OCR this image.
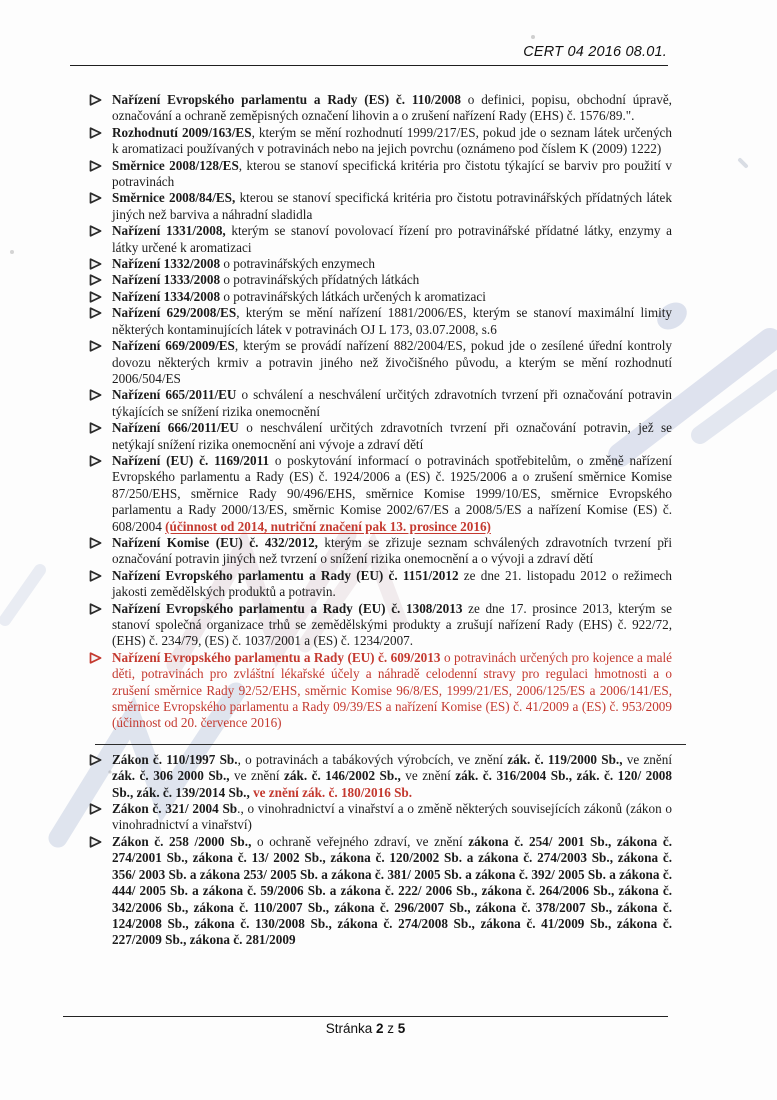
CERT 04 2016 08.01.
Nařízení Evropského parlamentu a Rady (ES) č. 110/2008 o definici, popisu, obchodní úpravě, označování a ochraně zeměpisných označení lihovin a o zrušení nařízení Rady (EHS) č. 1576/89.".
Rozhodnutí 2009/163/ES, kterým se mění rozhodnutí 1999/217/ES, pokud jde o seznam látek určených k aromatizaci používaných v potravinách nebo na jejich povrchu (oznámeno pod číslem K (2009) 1222)
Směrnice 2008/128/ES, kterou se stanoví specifická kritéria pro čistotu týkající se barviv pro použití v potravinách
Směrnice 2008/84/ES, kterou se stanoví specifická kritéria pro čistotu potravinářských přídatných látek jiných než barviva a náhradní sladidla
Nařízení 1331/2008, kterým se stanoví povolovací řízení pro potravinářské přídatné látky, enzymy a látky určené k aromatizaci
Nařízení 1332/2008 o potravinářských enzymech
Nařízení 1333/2008 o potravinářských přídatných látkách
Nařízení 1334/2008 o potravinářských látkách určených k aromatizaci
Nařízení 629/2008/ES, kterým se mění nařízení 1881/2006/ES, kterým se stanoví maximální limity některých kontaminujících látek v potravinách OJ L 173, 03.07.2008, s.6
Nařízení 669/2009/ES, kterým se provádí nařízení 882/2004/ES, pokud jde o zesílené úřední kontroly dovozu některých krmiv a potravin jiného než živočišného původu, a kterým se mění rozhodnutí 2006/504/ES
Nařízení 665/2011/EU o schválení a neschválení určitých zdravotních tvrzení při označování potravin týkajících se snížení rizika onemocnění
Nařízení 666/2011/EU o neschválení určitých zdravotních tvrzení při označování potravin, jež se netýkají snížení rizika onemocnění ani vývoje a zdraví dětí
Nařízení (EU) č. 1169/2011 o poskytování informací o potravinách spotřebitelům, o změně nařízení Evropského parlamentu a Rady (ES) č. 1924/2006 a (ES) č. 1925/2006 a o zrušení směrnice Komise 87/250/EHS, směrnice Rady 90/496/EHS, směrnice Komise 1999/10/ES, směrnice Evropského parlamentu a Rady 2000/13/ES, směrnic Komise 2002/67/ES a 2008/5/ES a nařízení Komise (ES) č. 608/2004 (účinnost od 2014, nutriční značení pak 13. prosince 2016)
Nařízení Komise (EU) č. 432/2012, kterým se zřizuje seznam schválených zdravotních tvrzení při označování potravin jiných než tvrzení o snížení rizika onemocnění a o vývoji a zdraví dětí
Nařízení Evropského parlamentu a Rady (EU) č. 1151/2012 ze dne 21. listopadu 2012 o režimech jakosti zemědělských produktů a potravin.
Nařízení Evropského parlamentu a Rady (EU) č. 1308/2013 ze dne 17. prosince 2013, kterým se stanoví společná organizace trhů se zemědělskými produkty a zrušují nařízení Rady (EHS) č. 922/72, (EHS) č. 234/79, (ES) č. 1037/2001 a (ES) č. 1234/2007.
Nařízení Evropského parlamentu a Rady (EU) č. 609/2013 o potravinách určených pro kojence a malé děti, potravinách pro zvláštní lékařské účely a náhradě celodenní stravy pro regulaci hmotnosti a o zrušení směrnice Rady 92/52/EHS, směrnic Komise 96/8/ES, 1999/21/ES, 2006/125/ES a 2006/141/ES, směrnice Evropského parlamentu a Rady 09/39/ES a nařízení Komise (ES) č. 41/2009 a (ES) č. 953/2009 (účinnost od 20. července 2016)
Zákon č. 110/1997 Sb., o potravinách a tabákových výrobcích, ve znění zák. č. 119/2000 Sb., ve znění zák. č. 306 2000 Sb., ve znění zák. č. 146/2002 Sb., ve znění zák. č. 316/2004 Sb., zák. č. 120/ 2008 Sb., zák. č. 139/2014 Sb., ve znění zák. č. 180/2016 Sb.
Zákon č. 321/ 2004 Sb., o vinohradnictví a vinařství a o změně některých souvisejících zákonů (zákon o vinohradnictví a vinařství)
Zákon č. 258 /2000 Sb., o ochraně veřejného zdraví, ve znění zákona č. 254/ 2001 Sb., zákona č. 274/2001 Sb., zákona č. 13/ 2002 Sb., zákona č. 120/2002 Sb. a zákona č. 274/2003 Sb., zákona č. 356/ 2003 Sb. a zákona 253/ 2005 Sb. a zákona č. 381/ 2005 Sb. a zákona č. 392/ 2005 Sb. a zákona č. 444/ 2005 Sb. a zákona č. 59/2006 Sb. a zákona č. 222/ 2006 Sb., zákona č. 264/2006 Sb., zákona č. 342/2006 Sb., zákona č. 110/2007 Sb., zákona č. 296/2007 Sb., zákona č. 378/2007 Sb., zákona č. 124/2008 Sb., zákona č. 130/2008 Sb., zákona č. 274/2008 Sb., zákona č. 41/2009 Sb., zákona č. 227/2009 Sb., zákona č. 281/2009
Stránka 2 z 5
